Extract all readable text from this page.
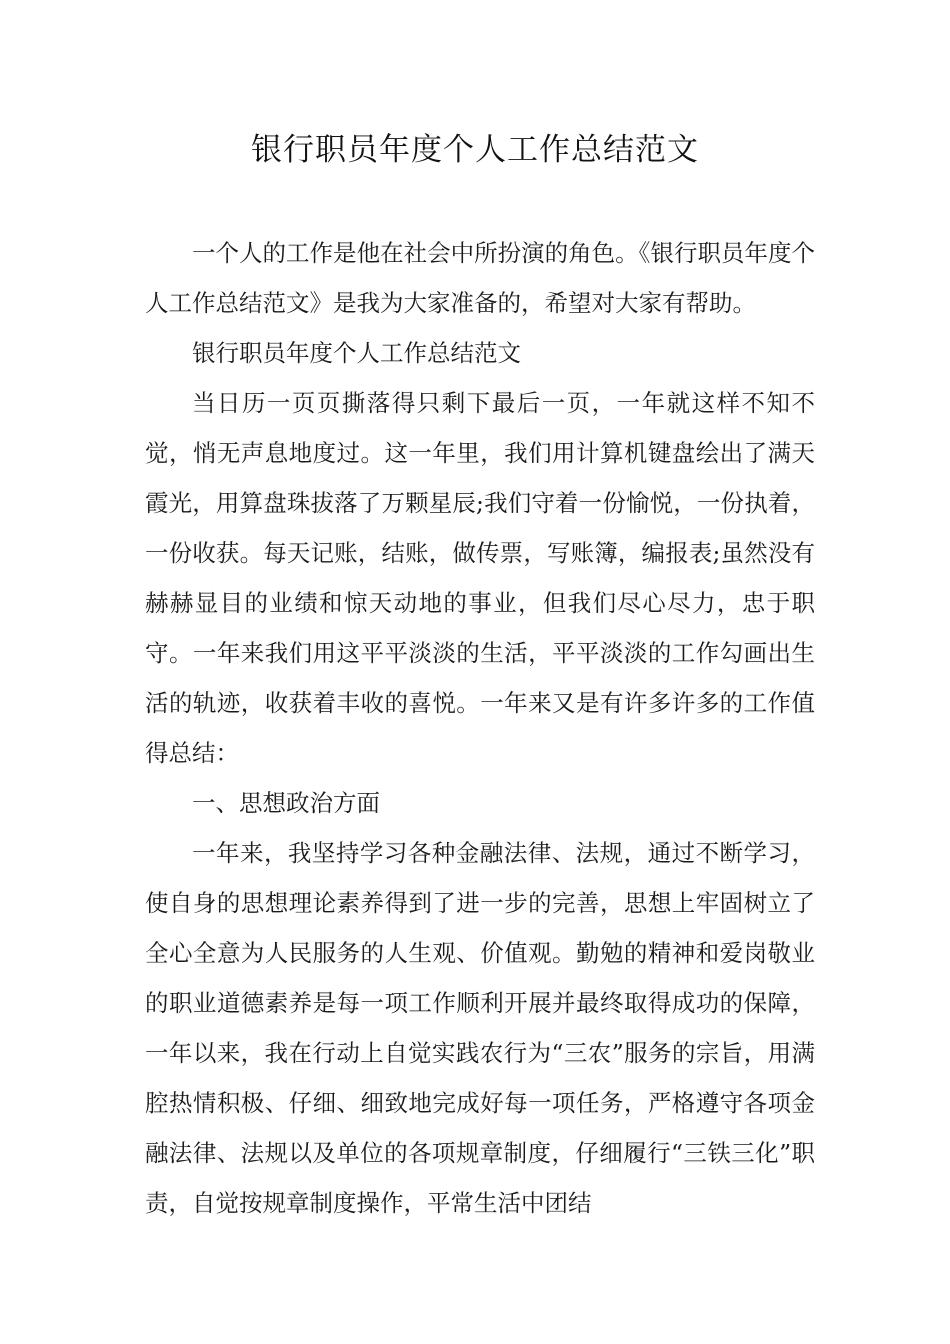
银行职员年度个人工作总结范文

一个人的工作是他在社会中所扮演的角色。《银行职员年度个人工作总结范文》是我为大家准备的，希望对大家有帮助。

银行职员年度个人工作总结范文

当日历一页页撕落得只剩下最后一页，一年就这样不知不觉，悄无声息地度过。这一年里，我们用计算机键盘绘出了满天霞光，用算盘珠拔落了万颗星辰;我们守着一份愉悦，一份执着，一份收获。每天记账，结账，做传票，写账簿，编报表;虽然没有赫赫显目的业绩和惊天动地的事业，但我们尽心尽力，忠于职守。一年来我们用这平平淡淡的生活，平平淡淡的工作勾画出生活的轨迹，收获着丰收的喜悦。一年来又是有许多许多的工作值得总结：

一、思想政治方面

一年来，我坚持学习各种金融法律、法规，通过不断学习，使自身的思想理论素养得到了进一步的完善，思想上牢固树立了全心全意为人民服务的人生观、价值观。勤勉的精神和爱岗敬业的职业道德素养是每一项工作顺利开展并最终取得成功的保障，一年以来，我在行动上自觉实践农行为“三农”服务的宗旨，用满腔热情积极、仔细、细致地完成好每一项任务，严格遵守各项金融法律、法规以及单位的各项规章制度，仔细履行“三铁三化”职责，自觉按规章制度操作，平常生活中团结
